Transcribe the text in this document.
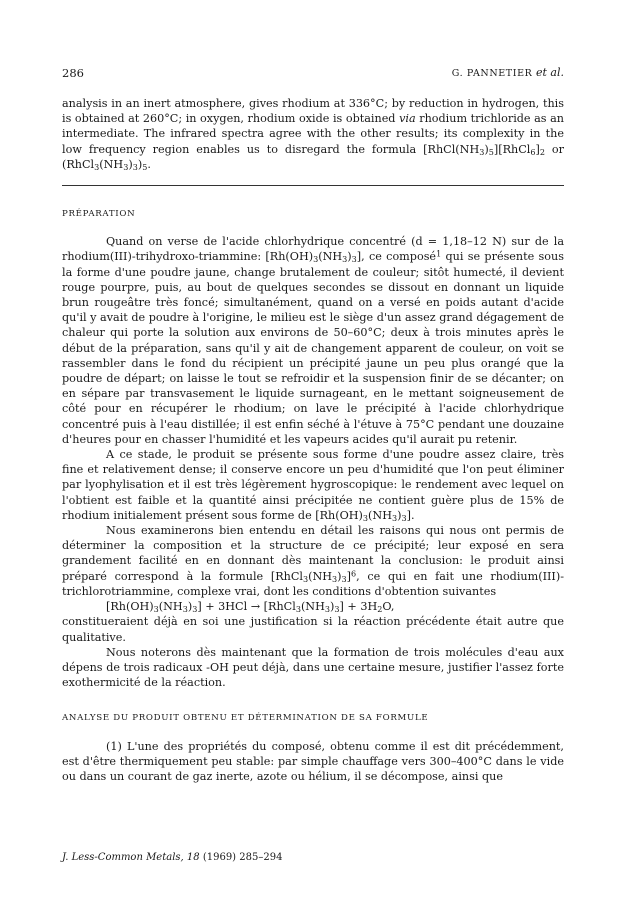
286	G. PANNETIER et al.

analysis in an inert atmosphere, gives rhodium at 336°C; by reduction in hydrogen, this is obtained at 260°C; in oxygen, rhodium oxide is obtained via rhodium trichloride as an intermediate. The infrared spectra agree with the other results; its complexity in the low frequency region enables us to disregard the formula $[RhCl(NH_3)_5][RhCl_6]_2$ or $(RhCl_3(NH_3)_3)_5$.

PRÉPARATION

Quand on verse de l'acide chlorhydrique concentré (d = 1,18–12 N) sur de la rhodium(III)-trihydroxo-triammine: $[Rh(OH)_3(NH_3)_3]$, ce composé$^1$ qui se présente sous la forme d'une poudre jaune, change brutalement de couleur; sitôt humecté, il devient rouge pourpre, puis, au bout de quelques secondes se dissout en donnant un liquide brun rougeâtre très foncé; simultanément, quand on a versé en poids autant d'acide qu'il y avait de poudre à l'origine, le milieu est le siège d'un assez grand dégagement de chaleur qui porte la solution aux environs de 50–60°C; deux à trois minutes après le début de la préparation, sans qu'il y ait de changement apparent de couleur, on voit se rassembler dans le fond du récipient un précipité jaune un peu plus orangé que la poudre de départ; on laisse le tout se refroidir et la suspension finir de se décanter; on en sépare par transvasement le liquide surnageant, en le mettant soigneusement de côté pour en récupérer le rhodium; on lave le précipité à l'acide chlorhydrique concentré puis à l'eau distillée; il est enfin séché à l'étuve à 75°C pendant une douzaine d'heures pour en chasser l'humidité et les vapeurs acides qu'il aurait pu retenir.

A ce stade, le produit se présente sous forme d'une poudre assez claire, très fine et relativement dense; il conserve encore un peu d'humidité que l'on peut éliminer par lyophylisation et il est très légèrement hygroscopique: le rendement avec lequel on l'obtient est faible et la quantité ainsi précipitée ne contient guère plus de 15% de rhodium initialement présent sous forme de $[Rh(OH)_3(NH_3)_3]$.

Nous examinerons bien entendu en détail les raisons qui nous ont permis de déterminer la composition et la structure de ce précipité; leur exposé en sera grandement facilité en en donnant dès maintenant la conclusion: le produit ainsi préparé correspond à la formule $[RhCl_3(NH_3)_3]^6$, ce qui en fait une rhodium(III)-trichlorotriammine, complexe vrai, dont les conditions d'obtention suivantes

$[Rh(OH)_3(NH_3)_3] + 3HCl$ → $[RhCl_3(NH_3)_3] + 3H_2O$,

constitueraient déjà en soi une justification si la réaction précédente était autre que qualitative.

Nous noterons dès maintenant que la formation de trois molécules d'eau aux dépens de trois radicaux -OH peut déjà, dans une certaine mesure, justifier l'assez forte exothermicité de la réaction.

ANALYSE DU PRODUIT OBTENU ET DÉTERMINATION DE SA FORMULE

(1) L'une des propriétés du composé, obtenu comme il est dit précédemment, est d'être thermiquement peu stable: par simple chauffage vers 300–400°C dans le vide ou dans un courant de gaz inerte, azote ou hélium, il se décompose, ainsi que

J. Less-Common Metals, 18 (1969) 285–294
